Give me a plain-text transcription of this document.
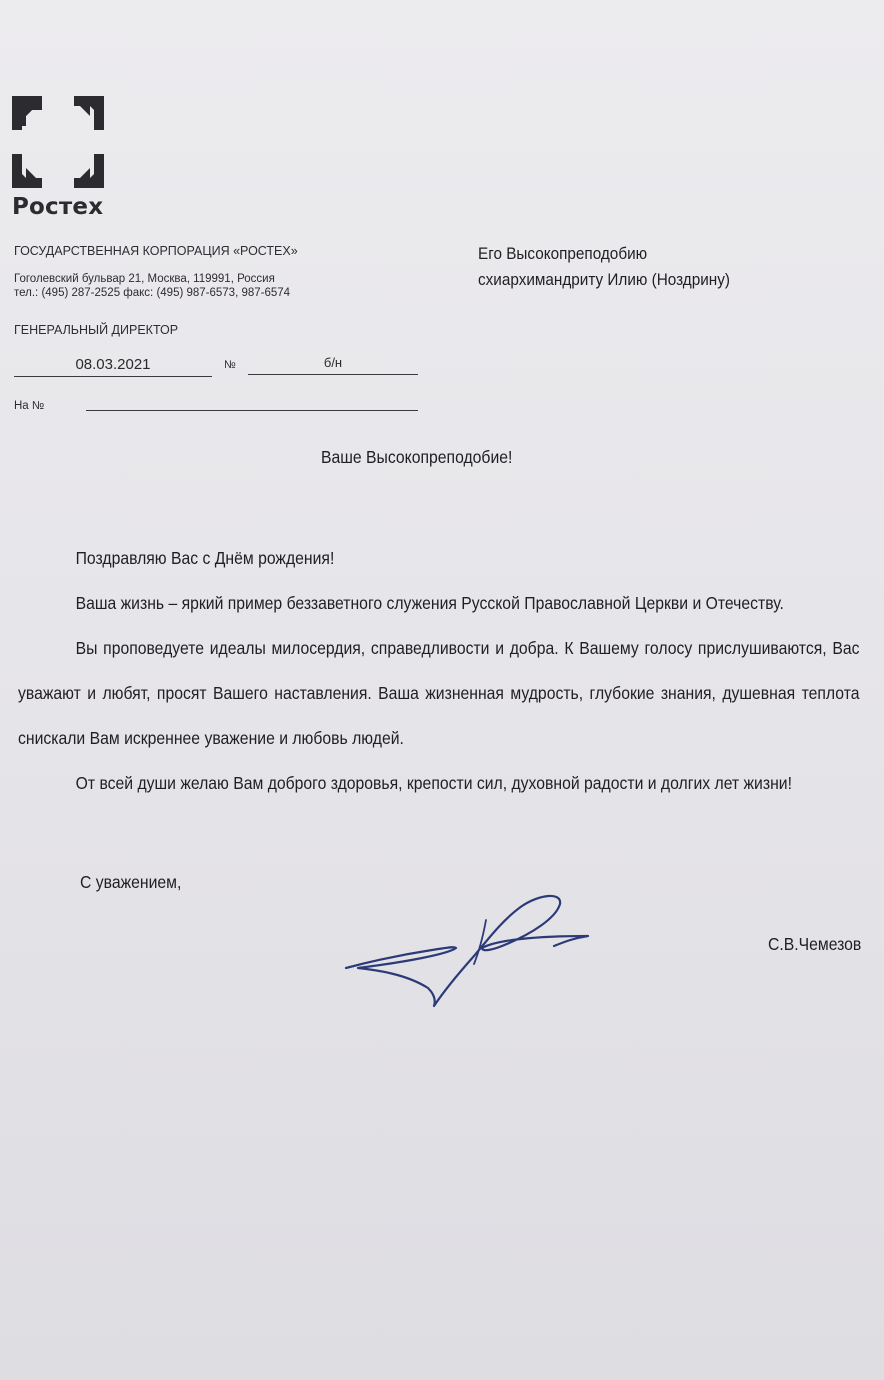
Ростех
ГОСУДАРСТВЕННАЯ КОРПОРАЦИЯ «РОСТЕХ»
Гоголевский бульвар 21, Москва, 119991, Россия
тел.: (495) 287-2525 факс: (495) 987-6573, 987-6574
ГЕНЕРАЛЬНЫЙ ДИРЕКТОР
08.03.2021	№	б/н
На №
Его Высокопреподобию
схиархимандриту Илию (Ноздрину)
Ваше Высокопреподобие!

Поздравляю Вас с Днём рождения!

Ваша жизнь – яркий пример беззаветного служения Русской Православной Церкви и Отечеству.

Вы проповедуете идеалы милосердия, справедливости и добра. К Вашему голосу прислушиваются, Вас уважают и любят, просят Вашего наставления. Ваша жизненная мудрость, глубокие знания, душевная теплота снискали Вам искреннее уважение и любовь людей.

От всей души желаю Вам доброго здоровья, крепости сил, духовной радости и долгих лет жизни!

С уважением,
С.В.Чемезов
